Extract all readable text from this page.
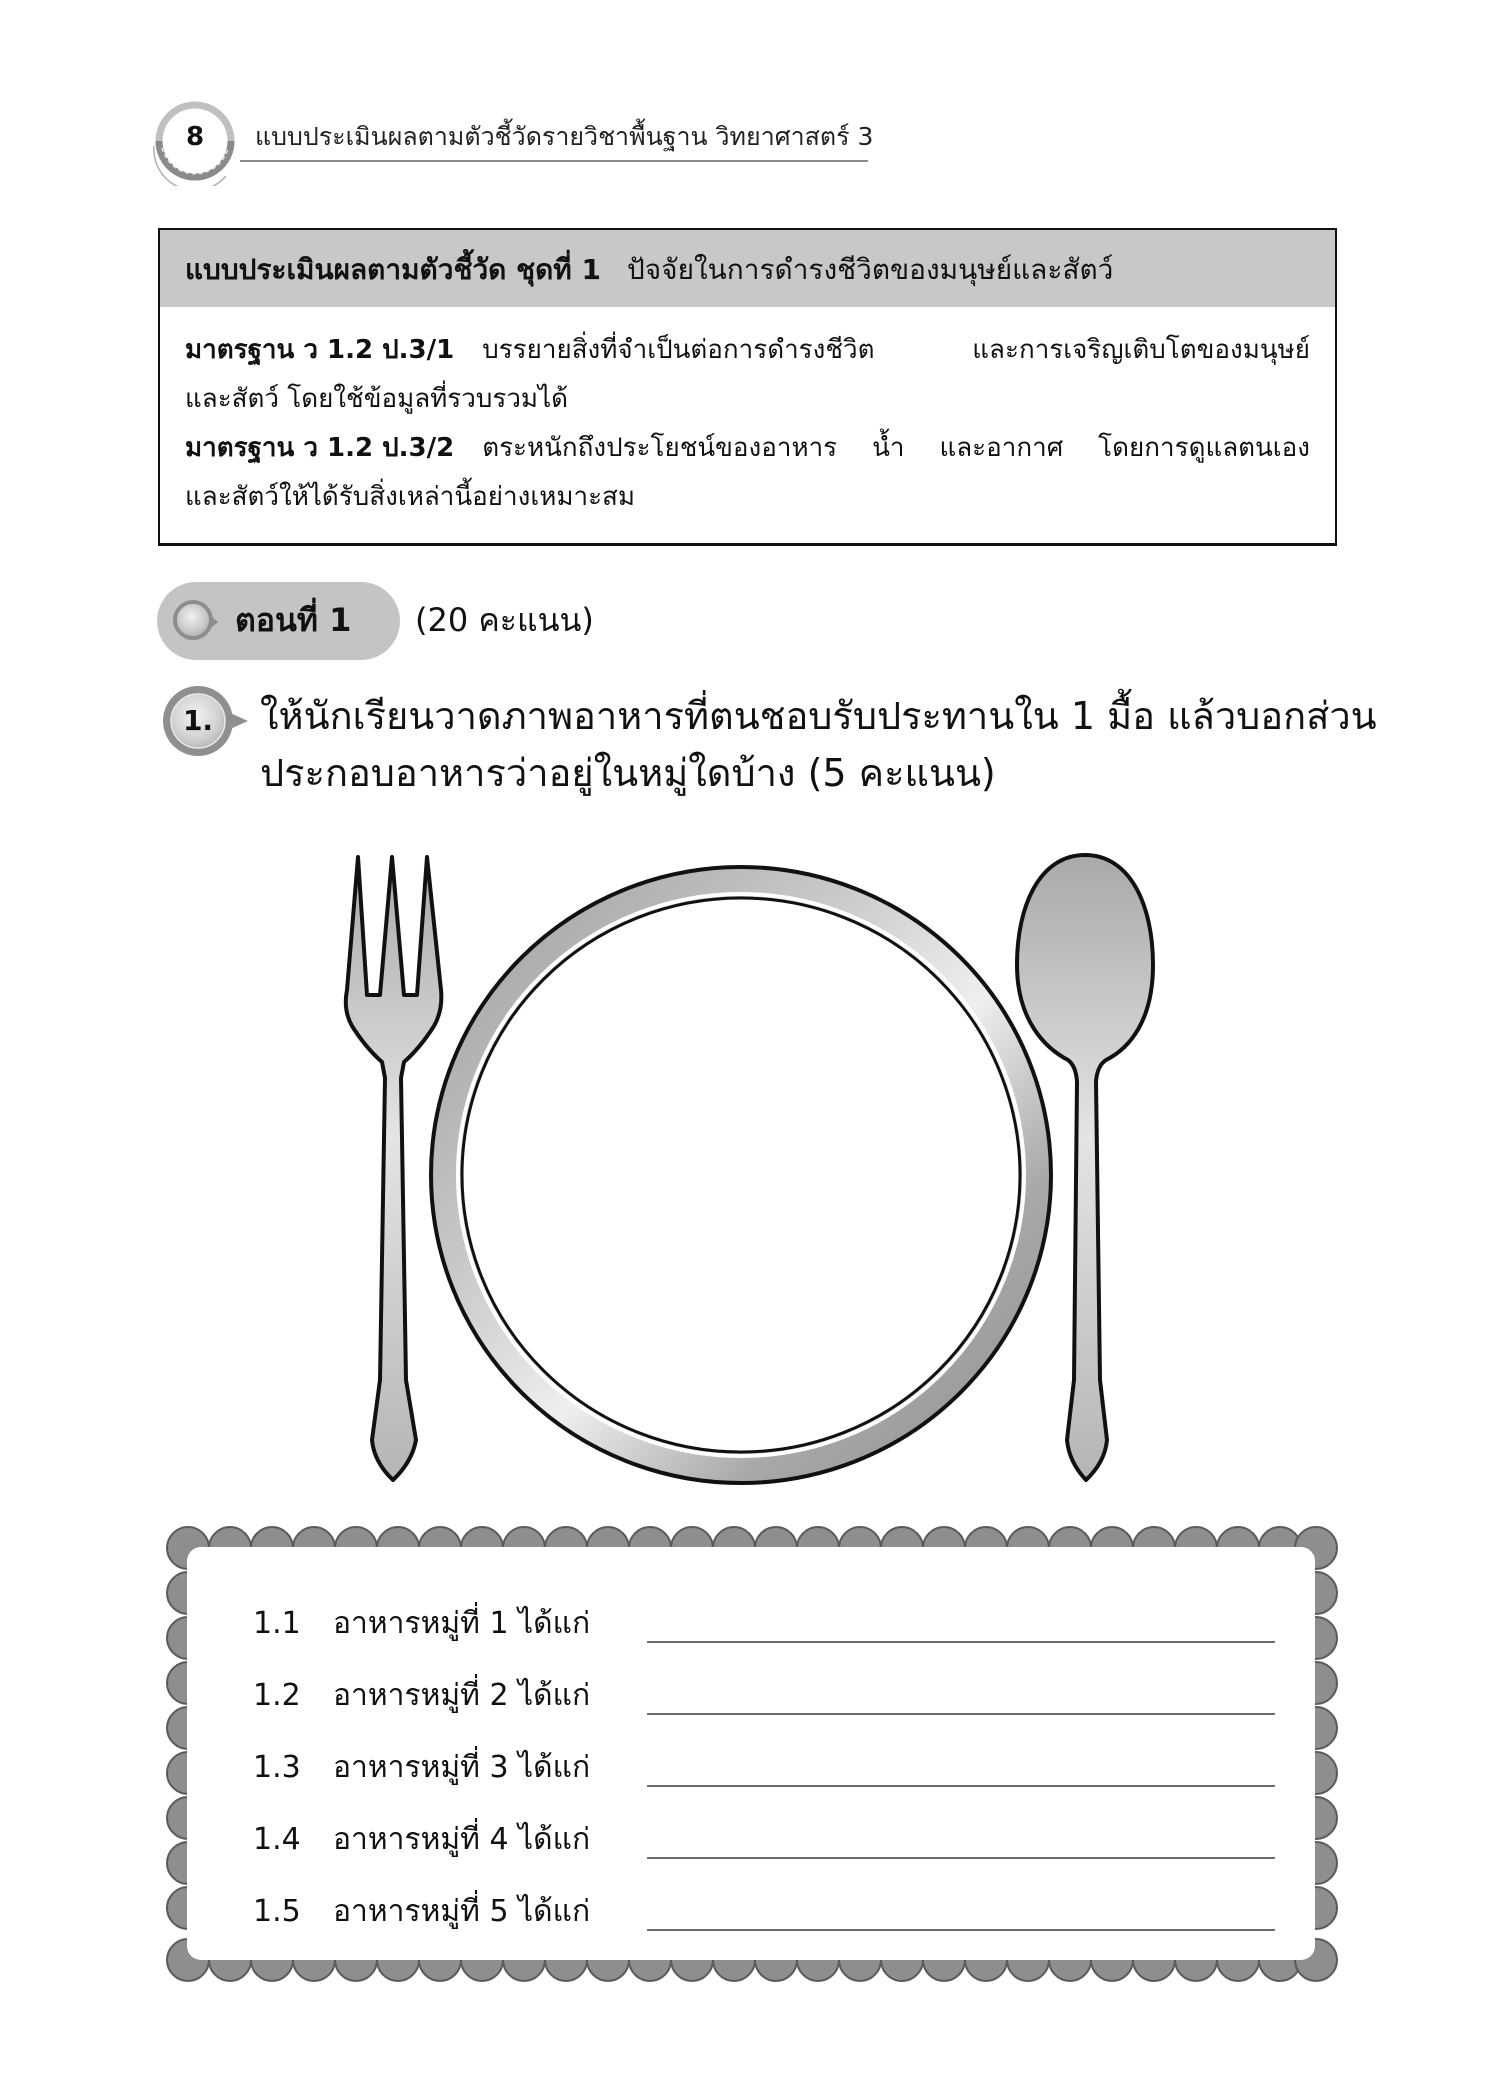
8 แบบประเมินผลตามตัวชี้วัดรายวิชาพื้นฐาน วิทยาศาสตร์ 3
แบบประเมินผลตามตัวชี้วัด ชุดที่ 1 ปัจจัยในการดำรงชีวิตของมนุษย์และสัตว์
มาตรฐาน ว 1.2 ป.3/1 บรรยายสิ่งที่จำเป็นต่อการดำรงชีวิต และการเจริญเติบโตของมนุษย์
และสัตว์ โดยใช้ข้อมูลที่รวบรวมได้
มาตรฐาน ว 1.2 ป.3/2 ตระหนักถึงประโยชน์ของอาหาร น้ำ และอากาศ โดยการดูแลตนเอง
และสัตว์ให้ได้รับสิ่งเหล่านี้อย่างเหมาะสม
ตอนที่ 1 (20 คะแนน)
1.	ให้นักเรียนวาดภาพอาหารที่ตนชอบรับประทานใน 1 มื้อ แล้วบอกส่วน
ประกอบอาหารว่าอยู่ในหมู่ใดบ้าง (5 คะแนน)
1.1 อาหารหมู่ที่ 1 ได้แก่
1.2 อาหารหมู่ที่ 2 ได้แก่
1.3 อาหารหมู่ที่ 3 ได้แก่
1.4 อาหารหมู่ที่ 4 ได้แก่
1.5 อาหารหมู่ที่ 5 ได้แก่
